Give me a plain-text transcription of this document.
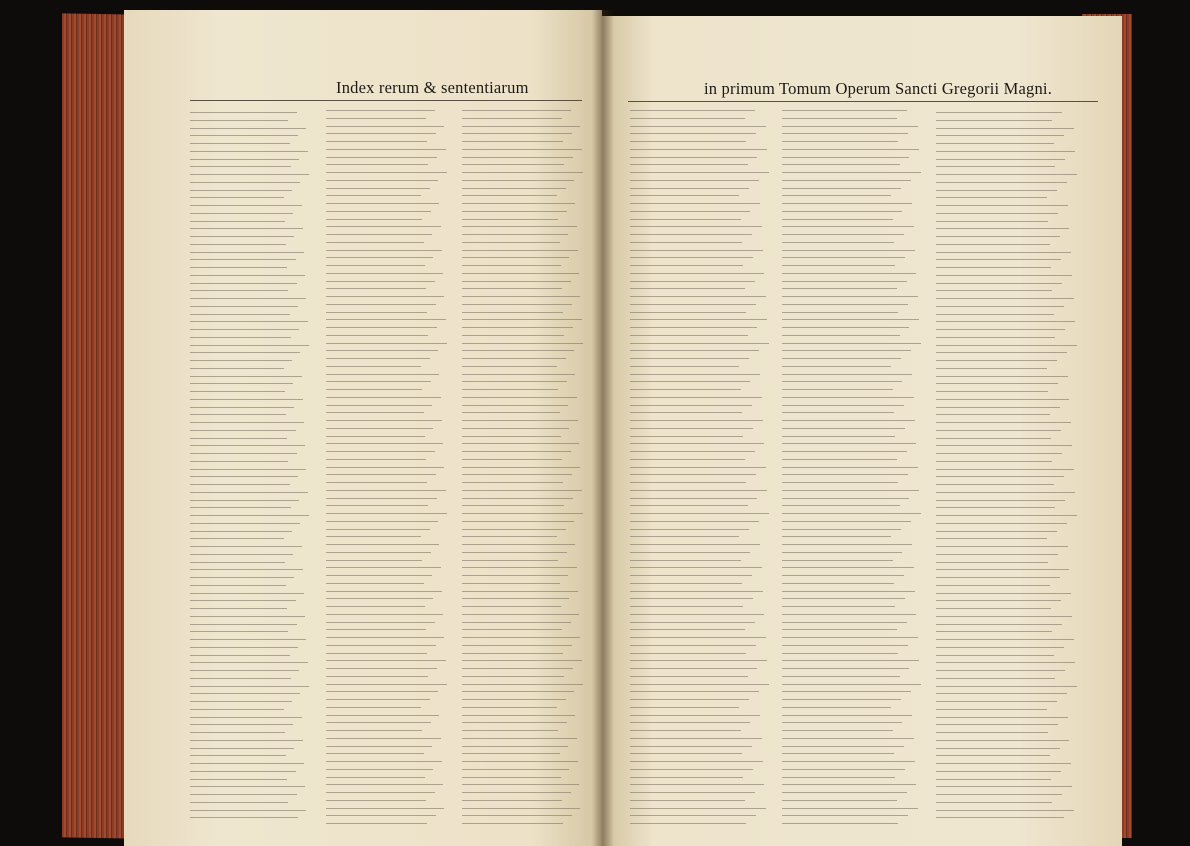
Index rerum & sententiarum	in primum Tomum Operum Sancti Gregorii Magni.
